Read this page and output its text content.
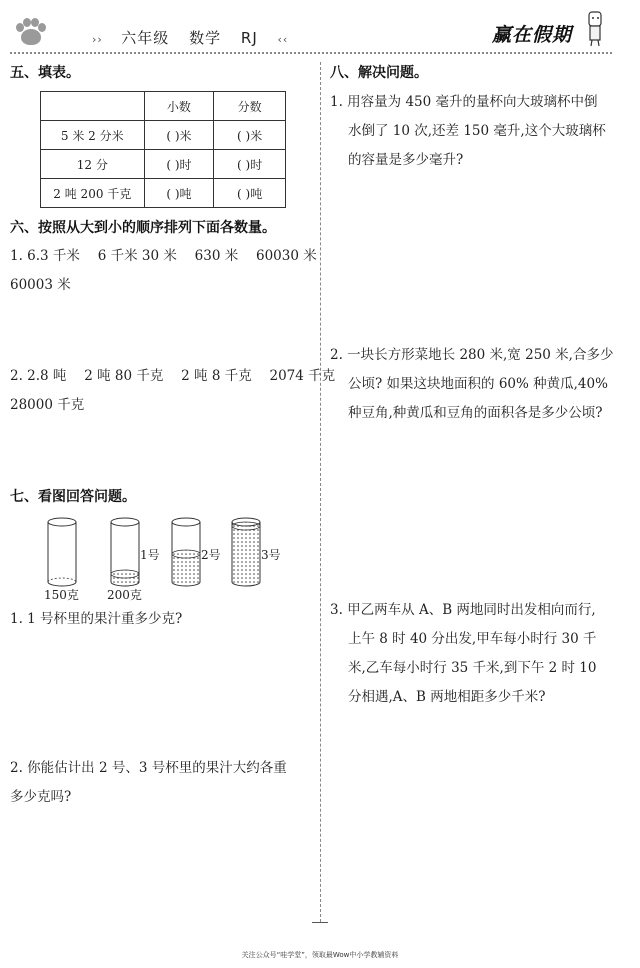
›› 六年级 数学 RJ ‹‹	赢在假期
五、填表。
	小数	分数
5 米 2 分米	( )米	( )米
12 分	( )时	( )时
2 吨 200 千克	( )吨	( )吨
六、按照从大到小的顺序排列下面各数量。
1. 6.3 千米　 6 千米 30 米　 630 米　 60030 米
60003 米
2. 2.8 吨　 2 吨 80 千克　 2 吨 8 千克　 2074 千克
28000 千克
七、看图回答问题。
1号	2号	3号
150克 200克
1. 1 号杯里的果汁重多少克?
2. 你能估计出 2 号、3 号杯里的果汁大约各重
多少克吗?
八、解决问题。
1. 用容量为 450 毫升的量杯向大玻璃杯中倒
水倒了 10 次,还差 150 毫升,这个大玻璃杯
的容量是多少毫升?
2. 一块长方形菜地长 280 米,宽 250 米,合多少
公顷? 如果这块地面积的 60% 种黄瓜,40%
种豆角,种黄瓜和豆角的面积各是多少公顷?
3. 甲乙两车从 A、B 两地同时出发相向而行,
上午 8 时 40 分出发,甲车每小时行 30 千
米,乙车每小时行 35 千米,到下午 2 时 10
分相遇,A、B 两地相距多少千米?
关注公众号“哇学堂”，领取最Wow中小学教辅资料
